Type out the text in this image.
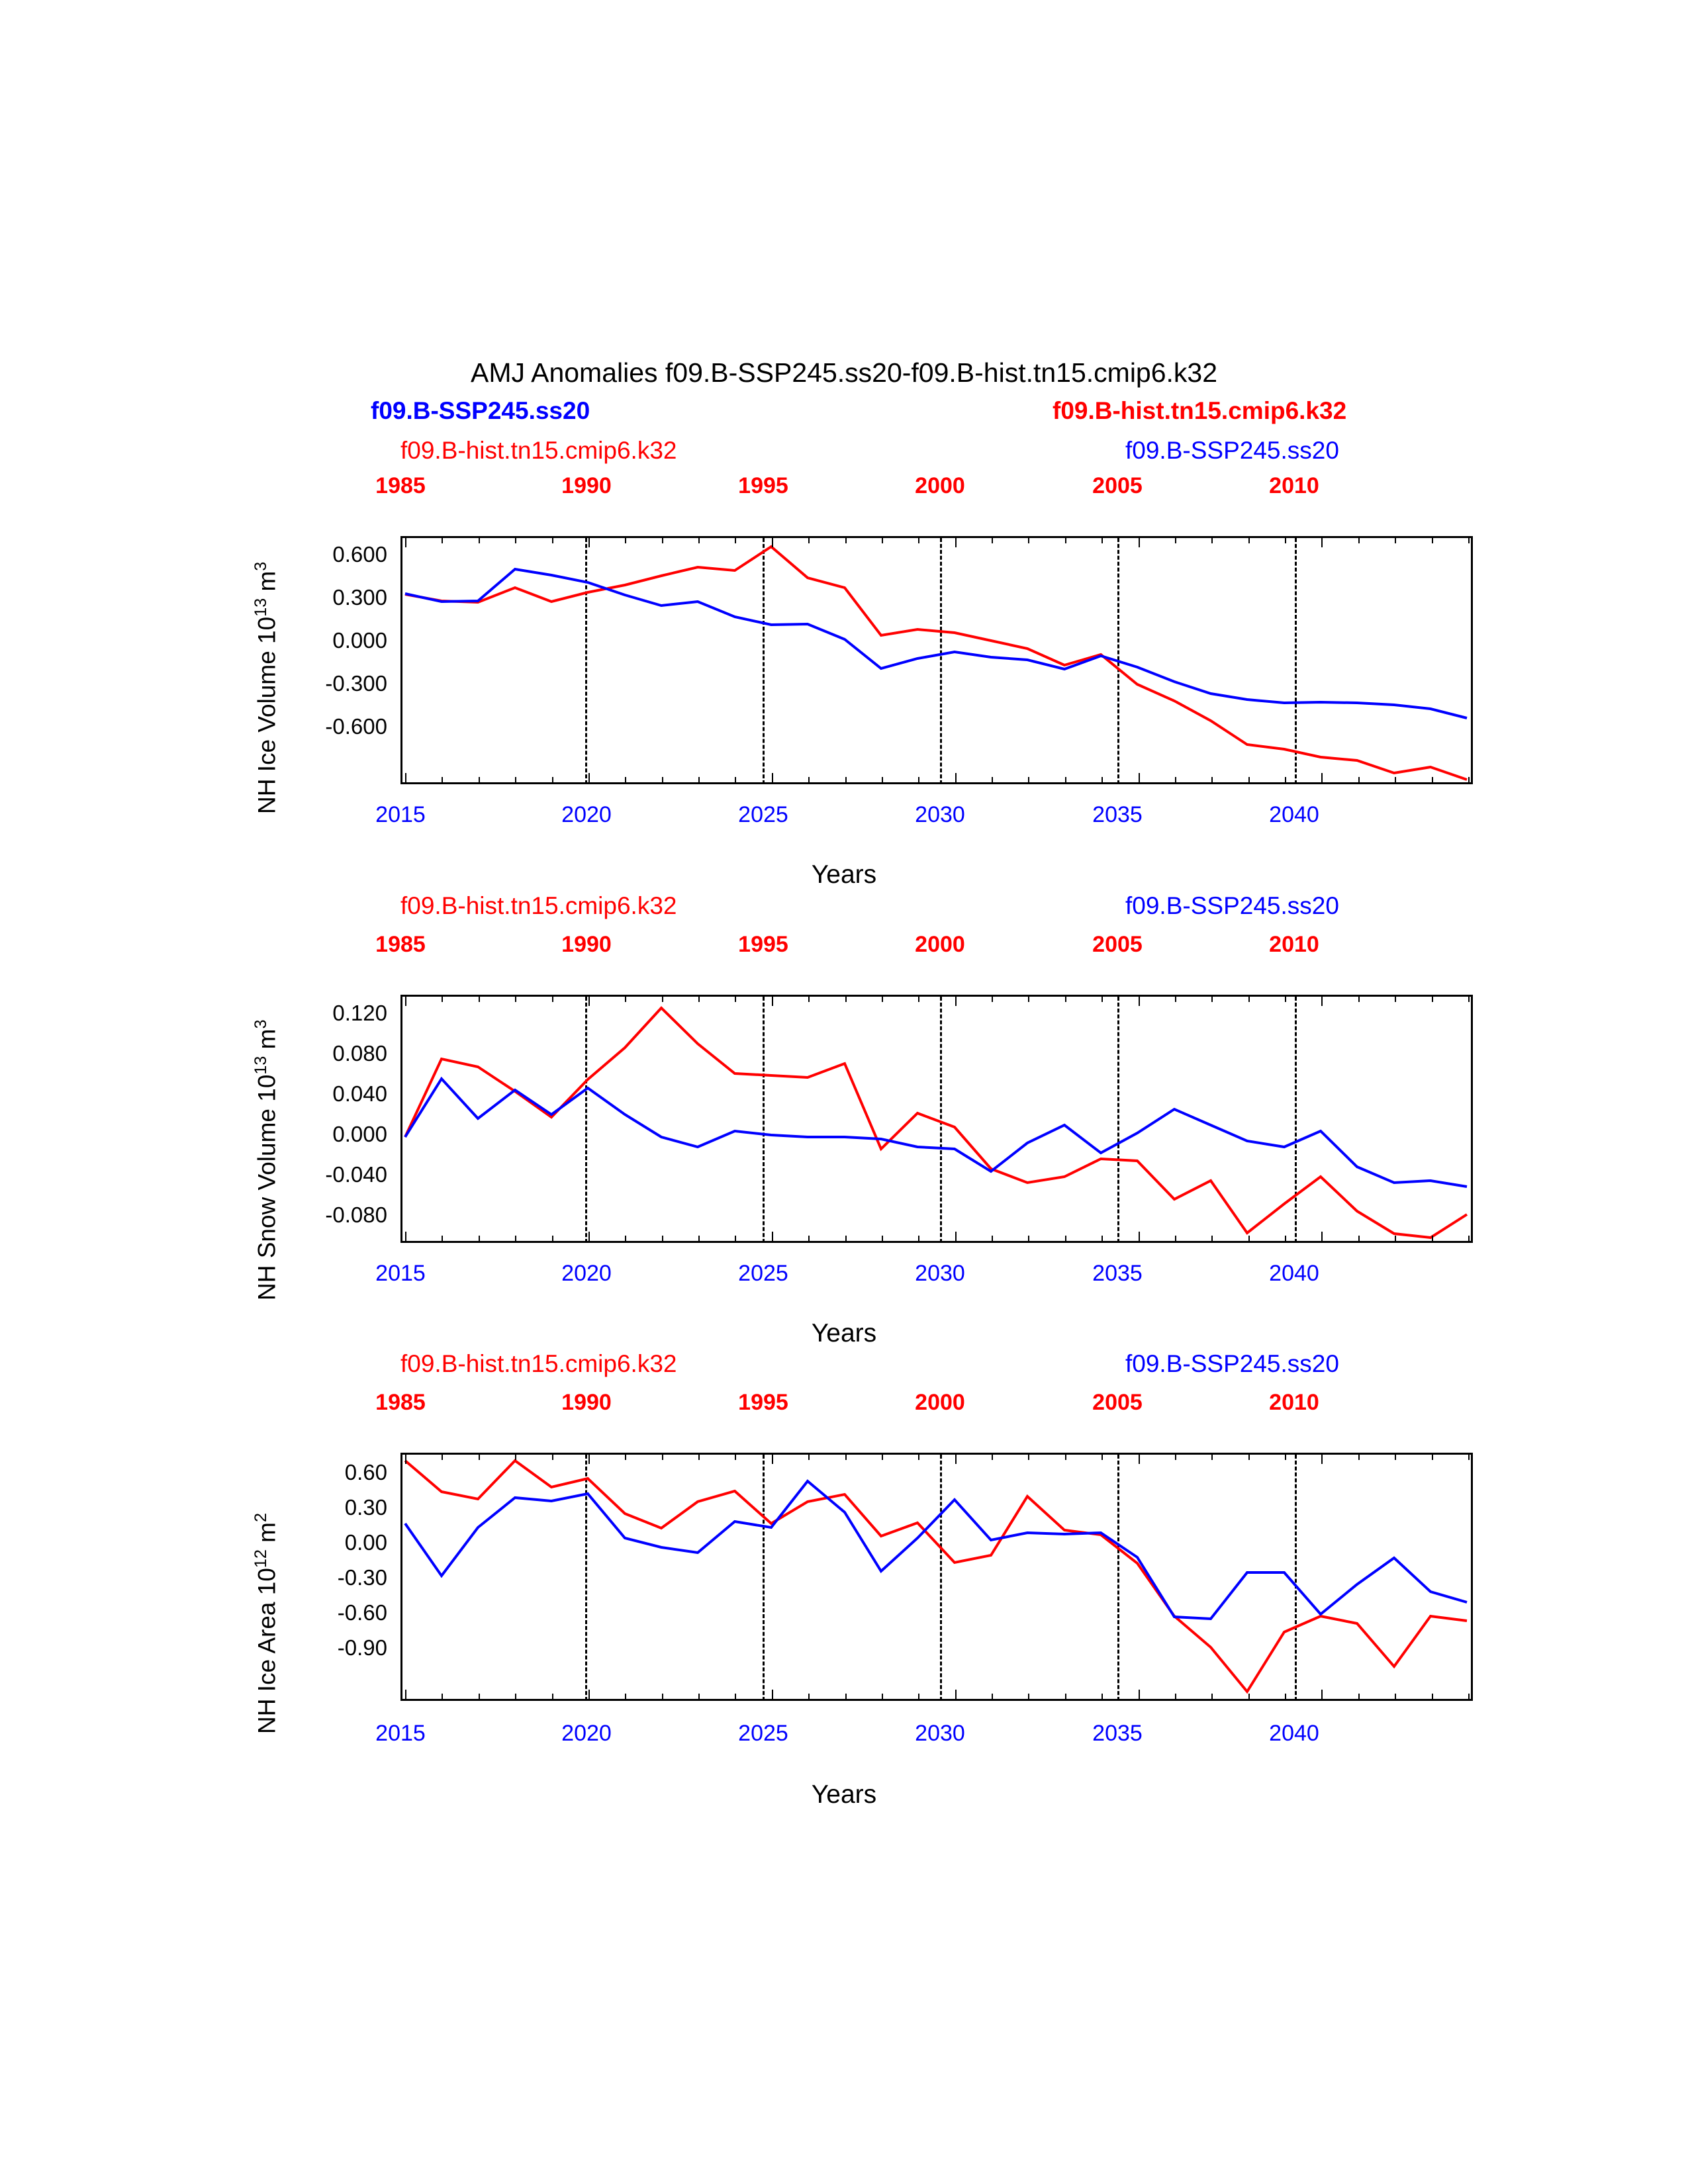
AMJ Anomalies f09.B-SSP245.ss20-f09.B-hist.tn15.cmip6.k32
f09.B-SSP245.ss20	f09.B-hist.tn15.cmip6.k32
f09.B-hist.tn15.cmip6.k32	f09.B-SSP245.ss20
1985	1990	1995	2000	2005	2010
0.600
0.300
0.000
-0.300
-0.600
NH Ice Volume $10^{13}$ $m^3$
2015	2020	2025	2030	2035	2040
Years
f09.B-hist.tn15.cmip6.k32	f09.B-SSP245.ss20
1985	1990	1995	2000	2005	2010
0.120
0.080
0.040
0.000
-0.040
-0.080
NH Snow Volume $10^{13}$ $m^3$
2015	2020	2025	2030	2035	2040
Years
f09.B-hist.tn15.cmip6.k32	f09.B-SSP245.ss20
1985	1990	1995	2000	2005	2010
0.60
0.30
0.00
-0.30
-0.60
-0.90
NH Ice Area $10^{12}$ $m^2$
2015	2020	2025	2030	2035	2040
Years
